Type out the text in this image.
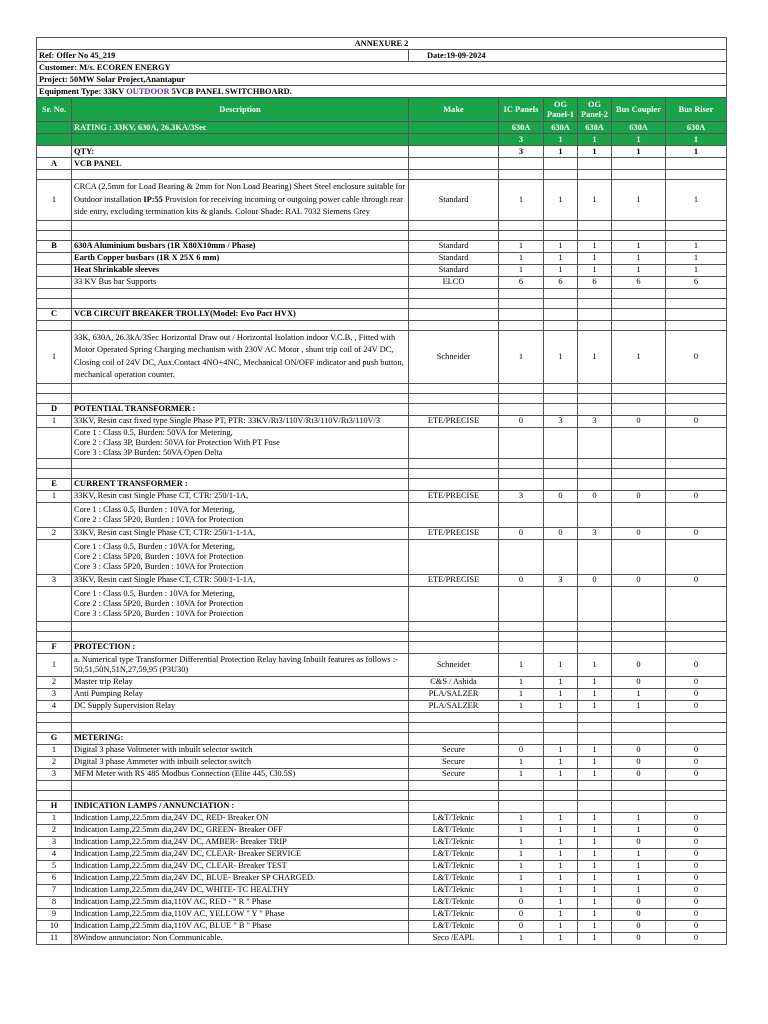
ANNEXURE 2							
Ref: Offer No 45_219		Date:19-09-2024					
Customer: M/s. ECOREN ENERGY							
Project: 50MW Solar Project,Anantapur							
Equipment Type: 33KV OUTDOOR 5VCB PANEL SWITCHBOARD.							
Sr. No.	Description	Make	IC Panels	OG Panel-1	OG Panel-2	Bus Coupler	Bus Riser
	RATING : 33KV, 630A, 26.3KA/3Sec		630A	630A	630A	630A	630A
			3	1	1	1	1
	QTY:		3	1	1	1	1
A	VCB PANEL						

1	CRCA (2.5mm for Load Bearing & 2mm for Non Load Bearing) Sheet Steel enclosure suitable for Outdoor installation IP:55 Provision for receiving incoming or outgoing power cable through rear side entry, excluding termination kits & glands. Colour Shade: RAL 7032 Siemens Grey	Standard	1	1	1	1	1

B	630A Aluminium busbars (1R X80X10mm / Phase)	Standard	1	1	1	1	1
	Earth Copper busbars (1R X 25X 6 mm)	Standard	1	1	1	1	1
	Heat Shrinkable sleeves	Standard	1	1	1	1	1
	33 KV Bus bar Supports	ELCO	6	6	6	6	6

C	VCB CIRCUIT BREAKER TROLLY(Model: Evo Pact HVX)						

1	33K, 630A, 26.3kA/3Sec Horizontal Draw out / Horizontal Isolation indoor V.C.B. , Fitted with Motor Operated Spring Charging mechanism with 230V AC Motor , shunt trip coil of 24V DC, Closing coil of 24V DC, Aux.Contact 4NO+4NC, Mechanical ON/OFF indicator and push button, mechanical operation counter.	Schneider	1	1	1	1	0

D	POTENTIAL TRANSFORMER :						
1	33KV, Resin cast fixed type Single Phase PT, PTR: 33KV/Rt3/110V/Rt3/110V/Rt3/110V/3	ETE/PRECISE	0	3	3	0	0

	Core 1 : Class 0.5, Burden: 50VA for Metering,
Core 2 : Class 3P, Burden: 50VA for Protection With PT Fuse
Core 3 : Class 3P Burden: 50VA Open Delta						

E	CURRENT TRANSFORMER :						
1	33KV, Resin cast Single Phase CT, CTR: 250/1-1A,	ETE/PRECISE	3	0	0	0	0

	Core 1 : Class 0.5, Burden : 10VA for Metering,
Core 2 : Class 5P20, Burden : 10VA for Protection						

2	33KV, Resin cast Single Phase CT, CTR: 250/1-1-1A,	ETE/PRECISE	0	0	3	0	0

	Core 1 : Class 0.5, Burden : 10VA for Metering,
Core 2 : Class 5P20, Burden : 10VA for Protection
Core 3 : Class 5P20, Burden : 10VA for Protection						

3	33KV, Resin cast Single Phase CT, CTR: 500/1-1-1A,	ETE/PRECISE	0	3	0	0	0

	Core 1 : Class 0.5, Burden : 10VA for Metering,
Core 2 : Class 5P20, Burden : 10VA for Protection
Core 3 : Class 5P20, Burden : 10VA for Protection						

F	PROTECTION :						
1	a. Numerical type Transformer Differential Protection Relay having Inbuilt features as follows :- 50,51,50N,51N,27,59,95 (P3U30)	Schneider	1	1	1	0	0
2	Master trip Relay	C&S / Ashida	1	1	1	0	0
3	Anti Pumping Relay	PLA/SALZER	1	1	1	1	0
4	DC Supply Supervision Relay	PLA/SALZER	1	1	1	1	0

G	METERING:						
1	Digital 3 phase Voltmeter with inbuilt selector switch	Secure	0	1	1	0	0
2	Digital 3 phase Ammeter with inbuilt selector switch	Secure	1	1	1	0	0
3	MFM Meter with RS 485 Modbus Connection (Elite 445, Cl0.5S)	Secure	1	1	1	0	0

H	INDICATION LAMPS / ANNUNCIATION :						
1	Indication Lamp,22.5mm dia,24V DC, RED- Breaker ON	L&T/Teknic	1	1	1	1	0
2	Indication Lamp,22.5mm dia,24V DC, GREEN- Breaker OFF	L&T/Teknic	1	1	1	1	0
3	Indication Lamp,22.5mm dia,24V DC, AMBER- Breaker TRIP	L&T/Teknic	1	1	1	0	0
4	Indication Lamp,22.5mm dia,24V DC, CLEAR- Breaker SERVICE	L&T/Teknic	1	1	1	1	0
5	Indication Lamp,22.5mm dia,24V DC, CLEAR- Breaker TEST	L&T/Teknic	1	1	1	1	0
6	Indication Lamp,22.5mm dia,24V DC, BLUE- Breaker SP CHARGED.	L&T/Teknic	1	1	1	1	0
7	Indication Lamp,22.5mm dia,24V DC, WHITE- TC HEALTHY	L&T/Teknic	1	1	1	1	0
8	Indication Lamp,22.5mm dia,110V AC, RED - " R " Phase	L&T/Teknic	0	1	1	0	0
9	Indication Lamp,22.5mm dia,110V AC, YELLOW " Y " Phase	L&T/Teknic	0	1	1	0	0
10	Indication Lamp,22.5mm dia,110V AC, BLUE " B " Phase	L&T/Teknic	0	1	1	0	0
11	8Window annunciator: Non Communicable.	Seco /EAPL	1	1	1	0	0
